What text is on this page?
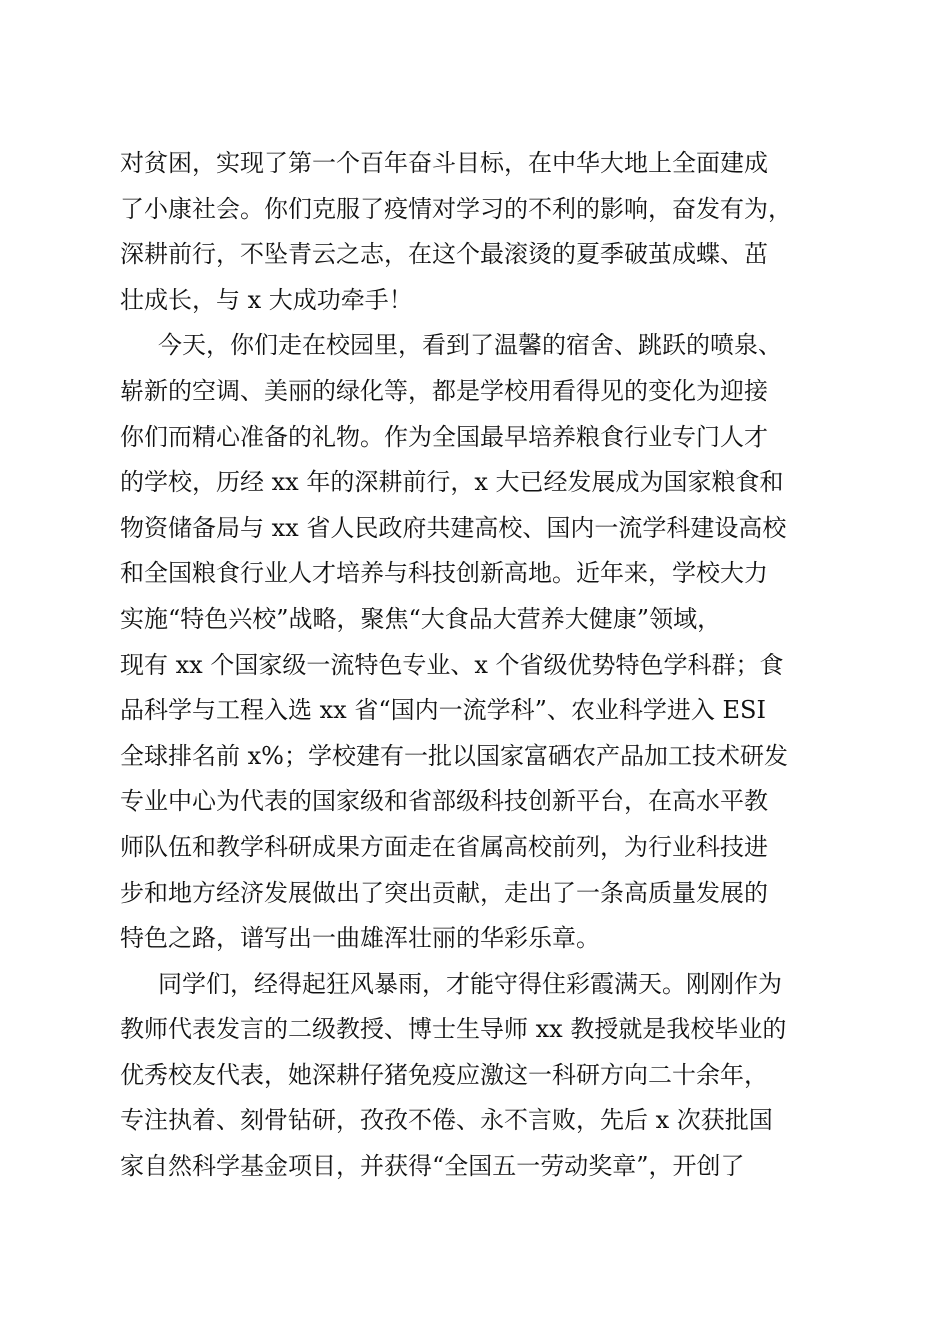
对贫困，实现了第一个百年奋斗目标，在中华大地上全面建成
了小康社会。你们克服了疫情对学习的不利的影响，奋发有为，
深耕前行，不坠青云之志，在这个最滚烫的夏季破茧成蝶、茁
壮成长，与 x 大成功牵手！
今天，你们走在校园里，看到了温馨的宿舍、跳跃的喷泉、
崭新的空调、美丽的绿化等，都是学校用看得见的变化为迎接
你们而精心准备的礼物。作为全国最早培养粮食行业专门人才
的学校，历经 xx 年的深耕前行，x 大已经发展成为国家粮食和
物资储备局与 xx 省人民政府共建高校、国内一流学科建设高校
和全国粮食行业人才培养与科技创新高地。近年来，学校大力
实施“特色兴校”战略，聚焦“大食品大营养大健康”领域，
现有 xx 个国家级一流特色专业、x 个省级优势特色学科群；食
品科学与工程入选 xx 省“国内一流学科”、农业科学进入 ESI
全球排名前 x%；学校建有一批以国家富硒农产品加工技术研发
专业中心为代表的国家级和省部级科技创新平台，在高水平教
师队伍和教学科研成果方面走在省属高校前列，为行业科技进
步和地方经济发展做出了突出贡献，走出了一条高质量发展的
特色之路，谱写出一曲雄浑壮丽的华彩乐章。
同学们，经得起狂风暴雨，才能守得住彩霞满天。刚刚作为
教师代表发言的二级教授、博士生导师 xx 教授就是我校毕业的
优秀校友代表，她深耕仔猪免疫应激这一科研方向二十余年，
专注执着、刻骨钻研，孜孜不倦、永不言败，先后 x 次获批国
家自然科学基金项目，并获得“全国五一劳动奖章”，开创了
